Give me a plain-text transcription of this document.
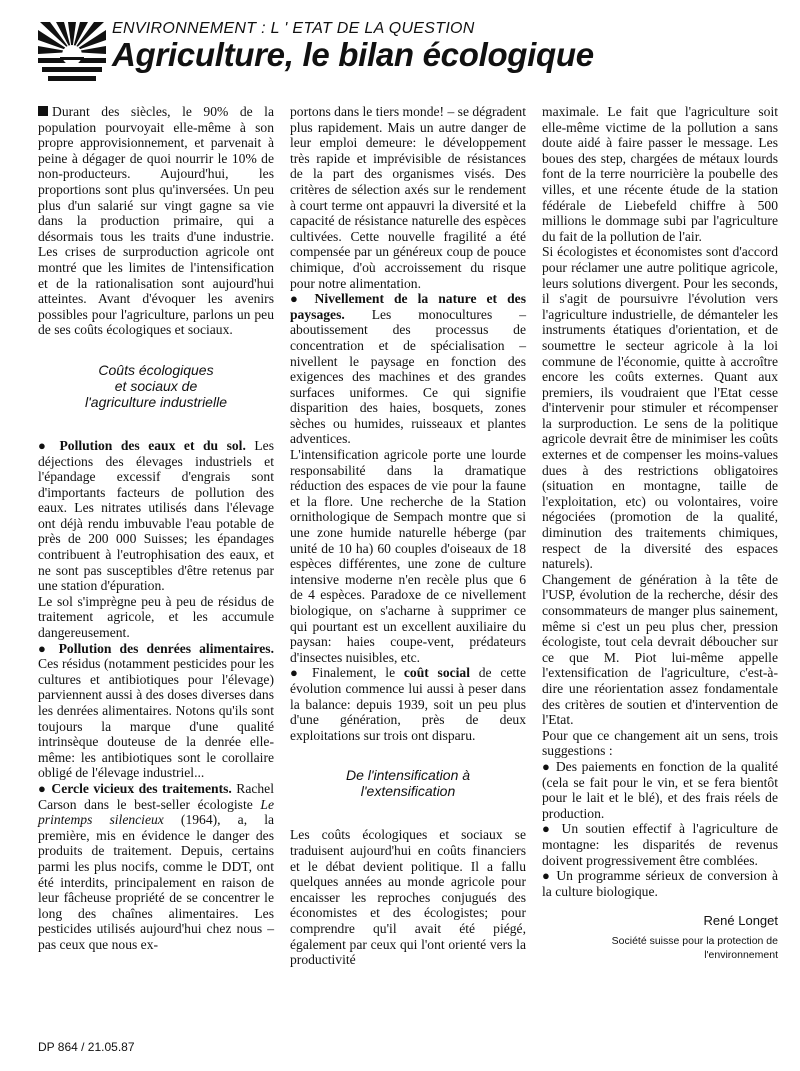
ENVIRONNEMENT : L ' ETAT DE LA QUESTION
Agriculture, le bilan écologique

Durant des siècles, le 90% de la population pourvoyait elle-même à son propre approvisionnement, et parvenait à peine à dégager de quoi nourrir le 10% de non-producteurs. Aujourd'hui, les proportions sont plus qu'inversées. Un peu plus d'un salarié sur vingt gagne sa vie dans la production primaire, qui a désormais tous les traits d'une industrie. Les crises de surproduction agricole ont montré que les limites de l'intensification et de la rationalisation sont aujourd'hui atteintes. Avant d'évoquer les avenirs possibles pour l'agriculture, parlons un peu de ses coûts écologiques et sociaux.

Coûts écologiques
et sociaux de
l'agriculture industrielle

● Pollution des eaux et du sol. Les déjections des élevages industriels et l'épandage excessif d'engrais sont d'importants facteurs de pollution des eaux. Les nitrates utilisés dans l'élevage ont déjà rendu imbuvable l'eau potable de près de 200 000 Suisses; les épandages contribuent à l'eutrophisation des eaux, et ne sont pas susceptibles d'être retenus par une station d'épuration.

Le sol s'imprègne peu à peu de résidus de traitement agricole, et les accumule dangereusement.

● Pollution des denrées alimentaires. Ces résidus (notamment pesticides pour les cultures et antibiotiques pour l'élevage) parviennent aussi à des doses diverses dans les denrées alimentaires. Notons qu'ils sont toujours la marque d'une qualité intrinsèque douteuse de la denrée elle-même: les antibiotiques sont le corollaire obligé de l'élevage industriel...

● Cercle vicieux des traitements. Rachel Carson dans le best-seller écologiste Le printemps silencieux (1964), a, la première, mis en évidence le danger des produits de traitement. Depuis, certains parmi les plus nocifs, comme le DDT, ont été interdits, principalement en raison de leur fâcheuse propriété de se concentrer le long des chaînes alimentaires. Les pesticides utilisés aujourd'hui chez nous – pas ceux que nous ex-

portons dans le tiers monde! – se dégradent plus rapidement. Mais un autre danger de leur emploi demeure: le développement très rapide et imprévisible de résistances de la part des organismes visés. Des critères de sélection axés sur le rendement à court terme ont appauvri la diversité et la capacité de résistance naturelle des espèces cultivées. Cette nouvelle fragilité a été compensée par un généreux coup de pouce chimique, d'où accroissement du risque pour notre alimentation.

● Nivellement de la nature et des paysages. Les monocultures – aboutissement des processus de concentration et de spécialisation – nivellent le paysage en fonction des exigences des machines et des grandes surfaces uniformes. Ce qui signifie disparition des haies, bosquets, zones sèches ou humides, ruisseaux et plantes adventices.

L'intensification agricole porte une lourde responsabilité dans la dramatique réduction des espaces de vie pour la faune et la flore. Une recherche de la Station ornithologique de Sempach montre que si une zone humide naturelle héberge (par unité de 10 ha) 60 couples d'oiseaux de 18 espèces différentes, une zone de culture intensive moderne n'en recèle plus que 6 de 4 espèces. Paradoxe de ce nivellement biologique, on s'acharne à supprimer ce qui pourtant est un excellent auxiliaire du paysan: haies coupe-vent, prédateurs d'insectes nuisibles, etc.

● Finalement, le coût social de cette évolution commence lui aussi à peser dans la balance: depuis 1939, soit un peu plus d'une génération, près de deux exploitations sur trois ont disparu.

De l'intensification à
l'extensification

Les coûts écologiques et sociaux se traduisent aujourd'hui en coûts financiers et le débat devient politique. Il a fallu quelques années au monde agricole pour encaisser les reproches conjugués des économistes et des écologistes; pour comprendre qu'il avait été piégé, également par ceux qui l'ont orienté vers la productivité

maximale. Le fait que l'agriculture soit elle-même victime de la pollution a sans doute aidé à faire passer le message. Les boues des step, chargées de métaux lourds font de la terre nourricière la poubelle des villes, et une récente étude de la station fédérale de Liebefeld chiffre à 500 millions le dommage subi par l'agriculture du fait de la pollution de l'air.

Si écologistes et économistes sont d'accord pour réclamer une autre politique agricole, leurs solutions divergent. Pour les seconds, il s'agit de poursuivre l'évolution vers l'agriculture industrielle, de démanteler les instruments étatiques d'orientation, et de soumettre le secteur agricole à la loi commune de l'économie, quitte à accroître encore les coûts externes. Quant aux premiers, ils voudraient que l'Etat cesse d'intervenir pour stimuler et récompenser la surproduction. Le sens de la politique agricole devrait être de minimiser les coûts externes et de compenser les moins-values dues à des restrictions obligatoires (situation en montagne, taille de l'exploitation, etc) ou volontaires, voire négociées (promotion de la qualité, diminution des traitements chimiques, respect de la diversité des espaces naturels).

Changement de génération à la tête de l'USP, évolution de la recherche, désir des consommateurs de manger plus sainement, même si c'est un peu plus cher, pression écologiste, tout cela devrait déboucher sur ce que M. Piot lui-même appelle l'extensification de l'agriculture, c'est-à-dire une réorientation assez fondamentale des critères de soutien et d'intervention de l'Etat.

Pour que ce changement ait un sens, trois suggestions :

● Des paiements en fonction de la qualité (cela se fait pour le vin, et se fera bientôt pour le lait et le blé), et des frais réels de production.

● Un soutien effectif à l'agriculture de montagne: les disparités de revenus doivent progressivement être comblées.

● Un programme sérieux de conversion à la culture biologique.

René Longet
Société suisse pour la protection de
l'environnement
DP 864 / 21.05.87
